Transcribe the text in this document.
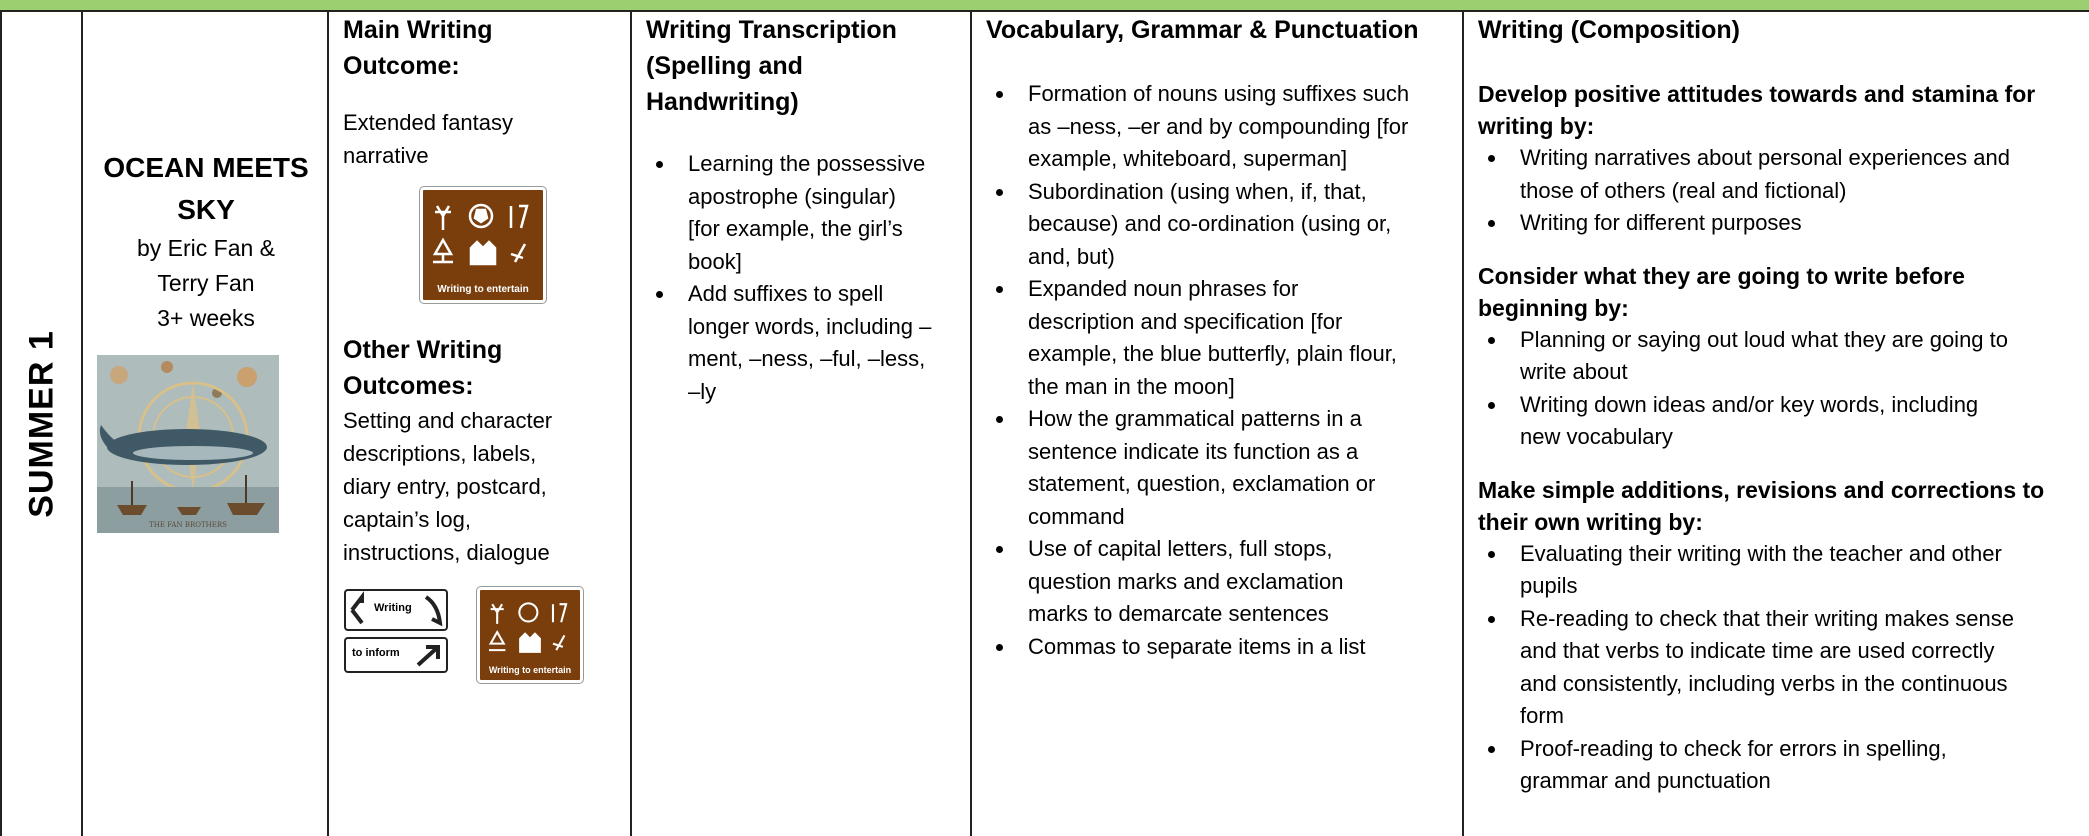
SUMMER 1
OCEAN MEETS
SKY
by Eric Fan &
Terry Fan
3+ weeks
THE FAN BROTHERS
Main Writing
Outcome:
Extended fantasy
narrative
Writing to entertain
Other Writing
Outcomes:
Setting and character
descriptions, labels,
diary entry, postcard,
captain’s log,
instructions, dialogue
Writing
to inform
Writing to entertain
Writing Transcription
(Spelling and
Handwriting)
Learning the possessive
apostrophe (singular)
[for example, the girl’s
book]
Add suffixes to spell
longer words, including –
ment, –ness, –ful, –less,
–ly
Vocabulary, Grammar & Punctuation
Formation of nouns using suffixes such
as –ness, –er and by compounding [for
example, whiteboard, superman]
Subordination (using when, if, that,
because) and co-ordination (using or,
and, but)
Expanded noun phrases for
description and specification [for
example, the blue butterfly, plain flour,
the man in the moon]
How the grammatical patterns in a
sentence indicate its function as a
statement, question, exclamation or
command
Use of capital letters, full stops,
question marks and exclamation
marks to demarcate sentences
Commas to separate items in a list
Writing (Composition)
Develop positive attitudes towards and stamina for
writing by:
Writing narratives about personal experiences and
those of others (real and fictional)
Writing for different purposes
Consider what they are going to write before
beginning by:
Planning or saying out loud what they are going to
write about
Writing down ideas and/or key words, including
new vocabulary
Make simple additions, revisions and corrections to
their own writing by:
Evaluating their writing with the teacher and other
pupils
Re-reading to check that their writing makes sense
and that verbs to indicate time are used correctly
and consistently, including verbs in the continuous
form
Proof-reading to check for errors in spelling,
grammar and punctuation
